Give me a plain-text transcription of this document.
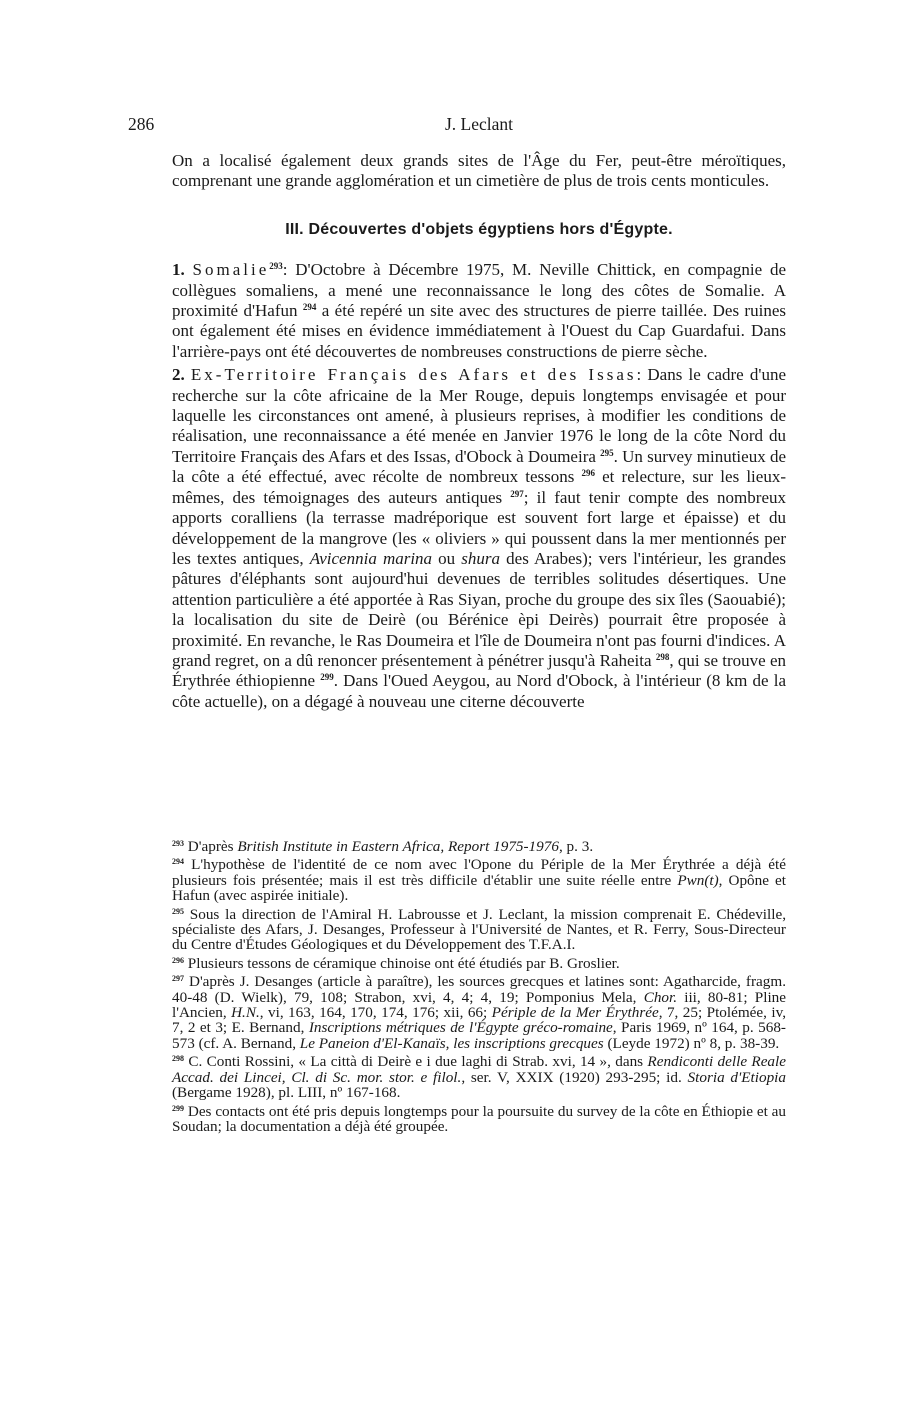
286	J. Leclant

On a localisé également deux grands sites de l'Âge du Fer, peut-être méroïtiques, comprenant une grande agglomération et un cimetière de plus de trois cents monticules.

III. Découvertes d'objets égyptiens hors d'Égypte.

1. Somalie$^{293}$: D'Octobre à Décembre 1975, M. Neville Chittick, en compagnie de collègues somaliens, a mené une reconnaissance le long des côtes de Somalie. A proximité d'Hafun $^{294}$ a été repéré un site avec des structures de pierre taillée. Des ruines ont également été mises en évidence immédiatement à l'Ouest du Cap Guardafui. Dans l'arrière-pays ont été découvertes de nombreuses constructions de pierre sèche.

2. Ex-Territoire Français des Afars et des Issas: Dans le cadre d'une recherche sur la côte africaine de la Mer Rouge, depuis longtemps envisagée et pour laquelle les circonstances ont amené, à plusieurs reprises, à modifier les conditions de réalisation, une reconnaissance a été menée en Janvier 1976 le long de la côte Nord du Territoire Français des Afars et des Issas, d'Obock à Doumeira $^{295}$. Un survey minutieux de la côte a été effectué, avec récolte de nombreux tessons $^{296}$ et relecture, sur les lieux-mêmes, des témoignages des auteurs antiques $^{297}$; il faut tenir compte des nombreux apports coralliens (la terrasse madréporique est souvent fort large et épaisse) et du développement de la mangrove (les « oliviers » qui poussent dans la mer mentionnés per les textes antiques, Avicennia marina ou shura des Arabes); vers l'intérieur, les grandes pâtures d'éléphants sont aujourd'hui devenues de terribles solitudes désertiques. Une attention particulière a été apportée à Ras Siyan, proche du groupe des six îles (Saouabié); la localisation du site de Deirè (ou Bérénice èpi Deirès) pourrait être proposée à proximité. En revanche, le Ras Doumeira et l'île de Doumeira n'ont pas fourni d'indices. A grand regret, on a dû renoncer présentement à pénétrer jusqu'à Raheita $^{298}$, qui se trouve en Érythrée éthiopienne $^{299}$. Dans l'Oued Aeygou, au Nord d'Obock, à l'intérieur (8 km de la côte actuelle), on a dégagé à nouveau une citerne découverte

$^{293}$ D'après British Institute in Eastern Africa, Report 1975-1976, p. 3.

$^{294}$ L'hypothèse de l'identité de ce nom avec l'Opone du Périple de la Mer Érythrée a déjà été plusieurs fois présentée; mais il est très difficile d'établir une suite réelle entre Pwn(t), Opône et Hafun (avec aspirée initiale).

$^{295}$ Sous la direction de l'Amiral H. Labrousse et J. Leclant, la mission comprenait E. Chédeville, spécialiste des Afars, J. Desanges, Professeur à l'Université de Nantes, et R. Ferry, Sous-Directeur du Centre d'Études Géologiques et du Développement des T.F.A.I.

$^{296}$ Plusieurs tessons de céramique chinoise ont été étudiés par B. Groslier.

$^{297}$ D'après J. Desanges (article à paraître), les sources grecques et latines sont: Agatharcide, fragm. 40-48 (D. Wielk), 79, 108; Strabon, xvi, 4, 4; 4, 19; Pomponius Mela, Chor. iii, 80-81; Pline l'Ancien, H.N., vi, 163, 164, 170, 174, 176; xii, 66; Périple de la Mer Érythrée, 7, 25; Ptolémée, iv, 7, 2 et 3; E. Bernand, Inscriptions métriques de l'Égypte gréco-romaine, Paris 1969, nº 164, p. 568-573 (cf. A. Bernand, Le Paneion d'El-Kanaïs, les inscriptions grecques (Leyde 1972) nº 8, p. 38-39.

$^{298}$ C. Conti Rossini, « La città di Deirè e i due laghi di Strab. xvi, 14 », dans Rendiconti delle Reale Accad. dei Lincei, Cl. di Sc. mor. stor. e filol., ser. V, XXIX (1920) 293-295; id. Storia d'Etiopia (Bergame 1928), pl. LIII, nº 167-168.

$^{299}$ Des contacts ont été pris depuis longtemps pour la poursuite du survey de la côte en Éthiopie et au Soudan; la documentation a déjà été groupée.
